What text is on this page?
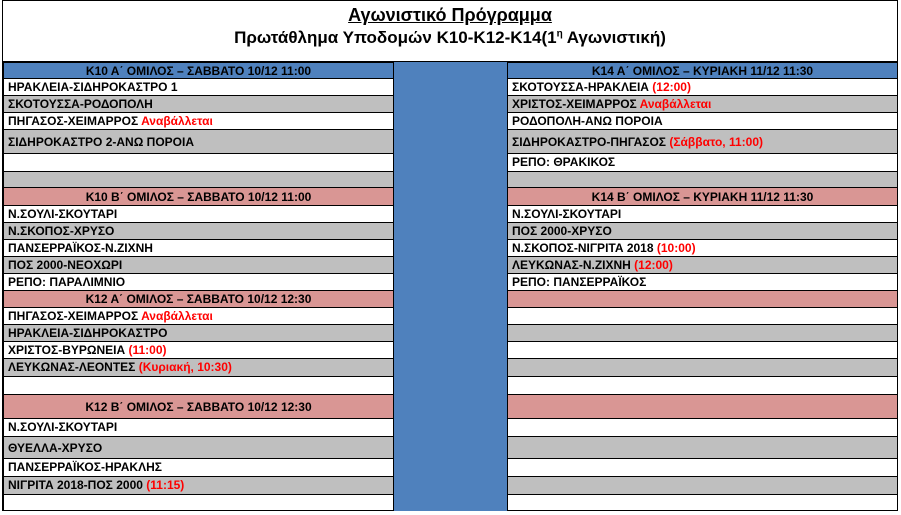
Αγωνιστικό Πρόγραμμα
Πρωτάθλημα Υποδομών $K10-K12-K14(1^\eta$ Αγωνιστική)
Κ10 Α΄ ΟΜΙΛΟΣ – ΣΑΒΒΑΤΟ 10/12 11:00
ΗΡΑΚΛΕΙΑ-ΣΙΔΗΡΟΚΑΣΤΡΟ 1
ΣΚΟΤΟΥΣΣΑ-ΡΟΔΟΠΟΛΗ
ΠΗΓΑΣΟΣ-ΧΕΙΜΑΡΡΟΣ Αναβάλλεται
ΣΙΔΗΡΟΚΑΣΤΡΟ 2-ΑΝΩ ΠΟΡΟΙΑ
Κ10 Β΄ ΟΜΙΛΟΣ – ΣΑΒΒΑΤΟ 10/12 11:00
Ν.ΣΟΥΛΙ-ΣΚΟΥΤΑΡΙ
Ν.ΣΚΟΠΟΣ-ΧΡΥΣΟ
ΠΑΝΣΕΡΡΑΪΚΟΣ-Ν.ΖΙΧΝΗ
ΠΟΣ 2000-ΝΕΟΧΩΡΙ
ΡΕΠΟ: ΠΑΡΑΛΙΜΝΙΟ
Κ12 Α΄ ΟΜΙΛΟΣ – ΣΑΒΒΑΤΟ 10/12 12:30
ΠΗΓΑΣΟΣ-ΧΕΙΜΑΡΡΟΣ Αναβάλλεται
ΗΡΑΚΛΕΙΑ-ΣΙΔΗΡΟΚΑΣΤΡΟ
ΧΡΙΣΤΟΣ-ΒΥΡΩΝΕΙΑ (11:00)
ΛΕΥΚΩΝΑΣ-ΛΕΟΝΤΕΣ (Κυριακή, 10:30)
Κ12 Β΄ ΟΜΙΛΟΣ – ΣΑΒΒΑΤΟ 10/12 12:30
Ν.ΣΟΥΛΙ-ΣΚΟΥΤΑΡΙ
ΘΥΕΛΛΑ-ΧΡΥΣΟ
ΠΑΝΣΕΡΡΑΪΚΟΣ-ΗΡΑΚΛΗΣ
ΝΙΓΡΙΤΑ 2018-ΠΟΣ 2000 (11:15)
Κ14 Α΄ ΟΜΙΛΟΣ – ΚΥΡΙΑΚΗ 11/12 11:30
ΣΚΟΤΟΥΣΣΑ-ΗΡΑΚΛΕΙΑ (12:00)
ΧΡΙΣΤΟΣ-ΧΕΙΜΑΡΡΟΣ Αναβάλλεται
ΡΟΔΟΠΟΛΗ-ΑΝΩ ΠΟΡΟΙΑ
ΣΙΔΗΡΟΚΑΣΤΡΟ-ΠΗΓΑΣΟΣ (Σάββατο, 11:00)
ΡΕΠΟ: ΘΡΑΚΙΚΟΣ
Κ14 Β΄ ΟΜΙΛΟΣ – ΚΥΡΙΑΚΗ 11/12 11:30
Ν.ΣΟΥΛΙ-ΣΚΟΥΤΑΡΙ
ΠΟΣ 2000-ΧΡΥΣΟ
Ν.ΣΚΟΠΟΣ-ΝΙΓΡΙΤΑ 2018 (10:00)
ΛΕΥΚΩΝΑΣ-Ν.ΖΙΧΝΗ (12:00)
ΡΕΠΟ: ΠΑΝΣΕΡΡΑΪΚΟΣ
